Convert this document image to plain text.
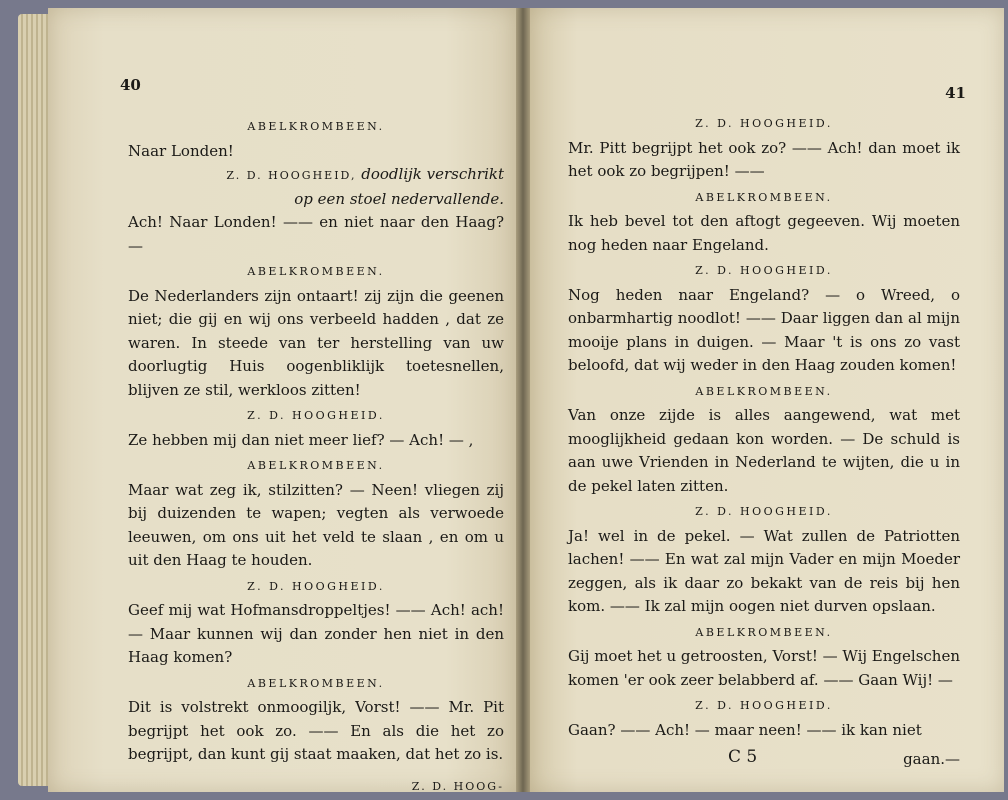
40
ABELKROMBEEN.

Naar Londen!

Z. D. HOOGHEID, doodlijk verschrikt

op een stoel nedervallende.

Ach! Naar Londen! —— en niet naar den Haag? —

ABELKROMBEEN.

De Nederlanders zijn ontaart! zij zijn die geenen niet; die gij en wij ons verbeeld hadden , dat ze waren. In steede van ter herstelling van uw doorlugtig Huis oogenbliklijk toetesnellen, blijven ze stil, werkloos zitten!

Z. D. HOOGHEID.

Ze hebben mij dan niet meer lief? — Ach! — ,

ABELKROMBEEN.

Maar wat zeg ik, stilzitten? — Neen! vliegen zij bij duizenden te wapen; vegten als verwoede leeuwen, om ons uit het veld te slaan , en om u uit den Haag te houden.

Z. D. HOOGHEID.

Geef mij wat Hofmansdroppeltjes! —— Ach! ach! — Maar kunnen wij dan zonder hen niet in den Haag komen?

ABELKROMBEEN.

Dit is volstrekt onmoogiljk, Vorst! —— Mr. Pit begrijpt het ook zo. —— En als die het zo begrijpt, dan kunt gij staat maaken, dat het zo is.

Z. D. HOOG-
41
Z. D. HOOGHEID.

Mr. Pitt begrijpt het ook zo? —— Ach! dan moet ik het ook zo begrijpen! ——

ABELKROMBEEN.

Ik heb bevel tot den aftogt gegeeven. Wij moeten nog heden naar Engeland.

Z. D. HOOGHEID.

Nog heden naar Engeland? — o Wreed, o onbarmhartig noodlot! —— Daar liggen dan al mijn mooije plans in duigen. — Maar 't is ons zo vast beloofd, dat wij weder in den Haag zouden komen!

ABELKROMBEEN.

Van onze zijde is alles aangewend, wat met mooglijkheid gedaan kon worden. — De schuld is aan uwe Vrienden in Nederland te wijten, die u in de pekel laten zitten.

Z. D. HOOGHEID.

Ja! wel in de pekel. — Wat zullen de Patriotten lachen! —— En wat zal mijn Vader en mijn Moeder zeggen, als ik daar zo bekakt van de reis bij hen kom. —— Ik zal mijn oogen niet durven opslaan.

ABELKROMBEEN.

Gij moet het u getroosten, Vorst! — Wij Engelschen komen 'er ook zeer belabberd af. —— Gaan Wij! —

Z. D. HOOGHEID.

Gaan? —— Ach! — maar neen! —— ik kan niet

C 5	gaan.—
